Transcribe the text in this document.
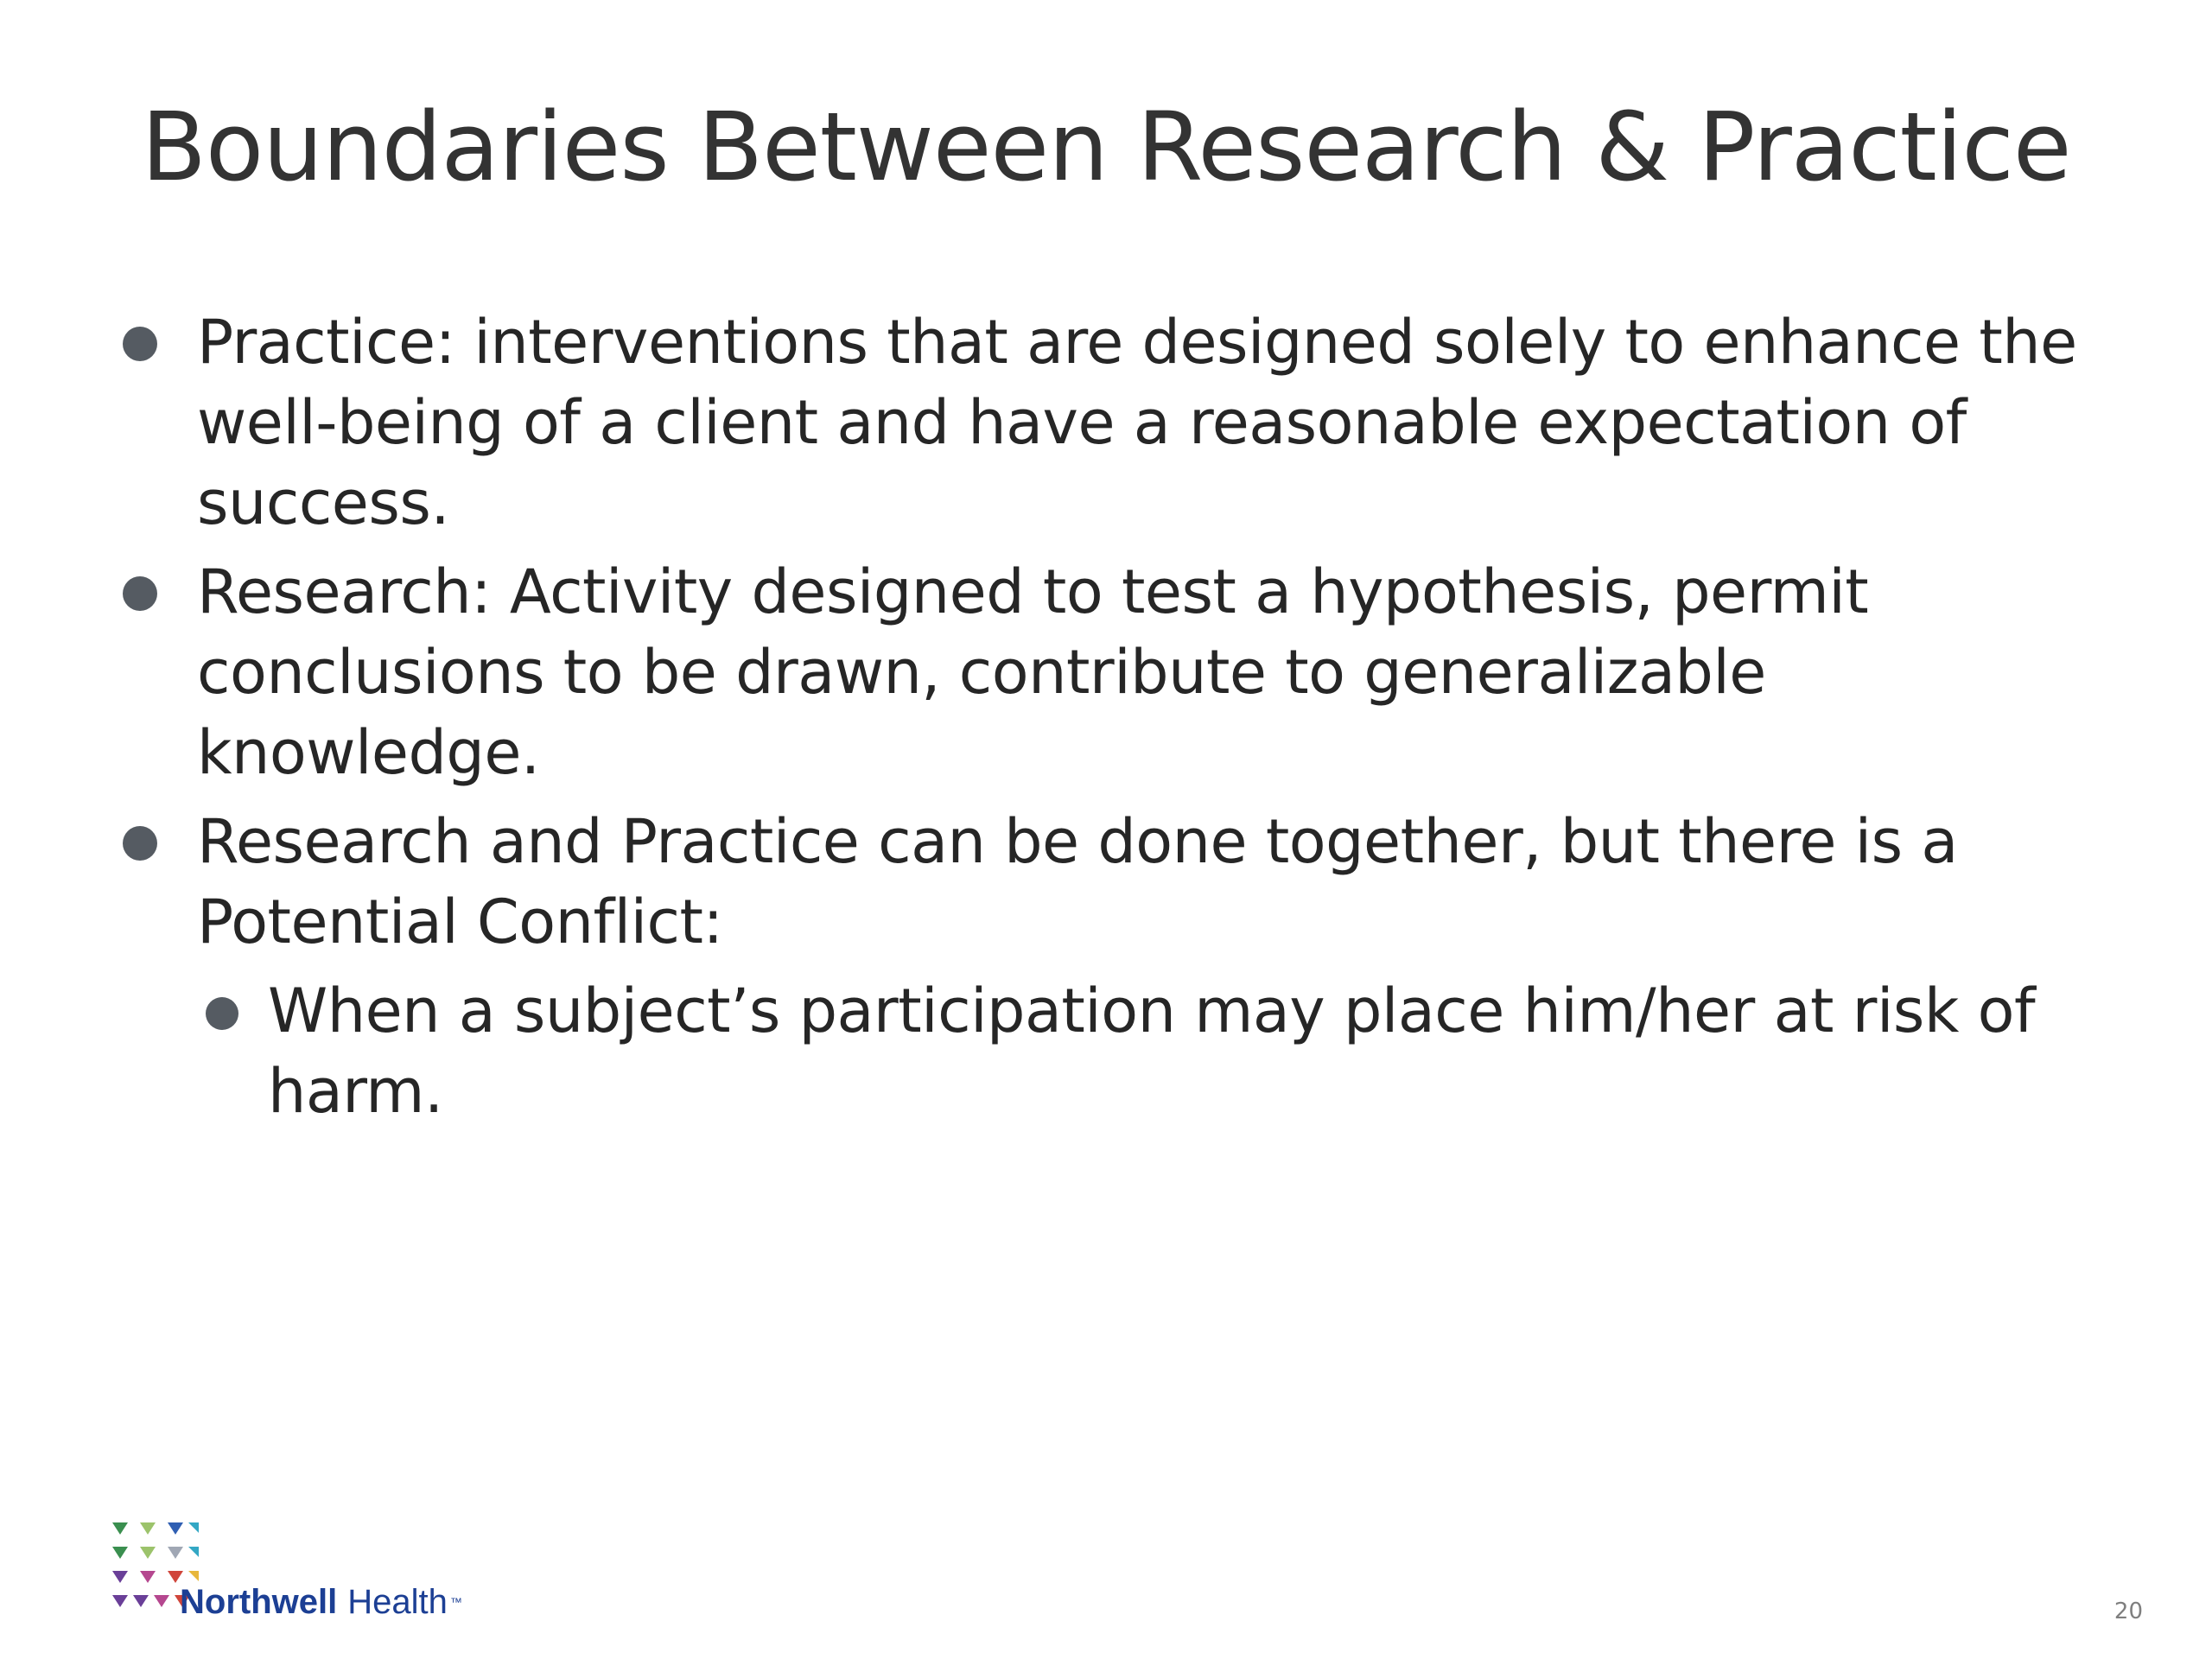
Boundaries Between Research & Practice
Practice: interventions that are designed solely to enhance the well-being of a client and have a reasonable expectation of success.
Research: Activity designed to test a hypothesis, permit conclusions to be drawn, contribute to generalizable knowledge.
Research and Practice can be done together, but there is a Potential Conflict:
When a subject’s participation may place him/her at risk of harm.
Northwell Health ™	20
